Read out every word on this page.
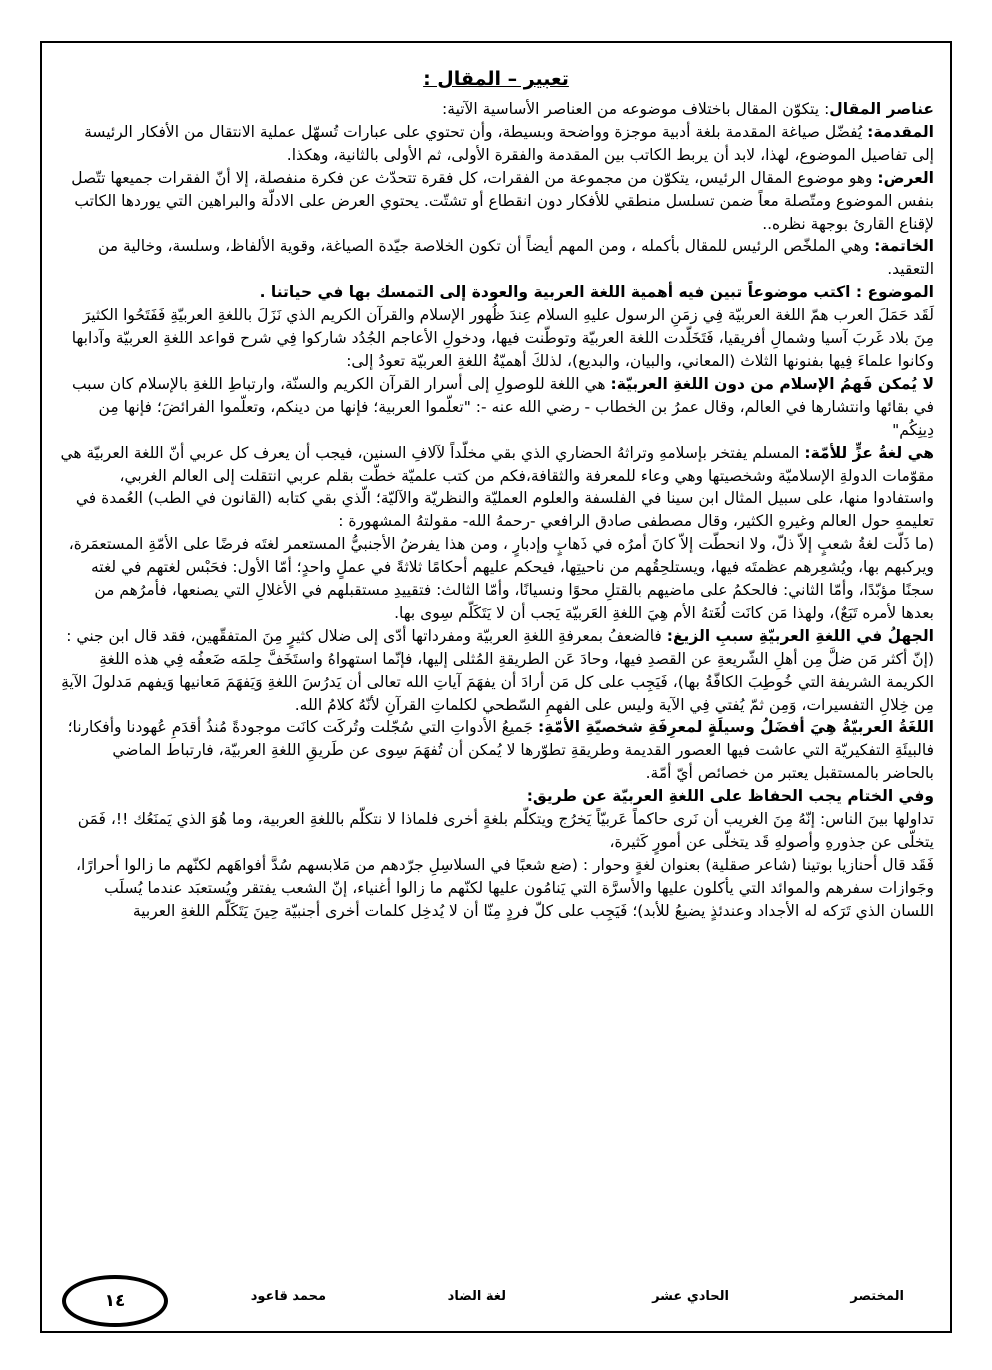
تعبير – المقال :

عناصر المقال: يتكوّن المقال باختلاف موضوعه من العناصر الأساسية الآتية:

المقدمة: يُفضّل صياغة المقدمة بلغة أدبية موجزة وواضحة وبسيطة، وأن تحتوي على عبارات تُسهّل عملية الانتقال من الأفكار الرئيسة إلى تفاصيل الموضوع، لهذا، لابد أن يربط الكاتب بين المقدمة والفقرة الأولى، ثم الأولى بالثانية، وهكذا.

العرض: وهو موضوع المقال الرئيس، يتكوّن من مجموعة من الفقرات، كل فقرة تتحدّث عن فكرة منفصلة، إلا أنّ الفقرات جميعها تتّصل بنفس الموضوع ومتّصلة معاً ضمن تسلسل منطقي للأفكار دون انقطاع أو تشتّت. يحتوي العرض على الادلّة والبراهين التي يوردها الكاتب لإقناع القارئ بوجهة نظره..

الخاتمة: وهي الملخّص الرئيس للمقال بأكمله ، ومن المهم أيضاً أن تكون الخلاصة جيّدة الصياغة، وقوية الألفاظ، وسلسة، وخالية من التعقيد.

الموضوع : اكتب موضوعاً تبين فيه أهمية اللغة العربية والعودة إلى التمسك بها في حياتنا .

لَقَد حَمَلَ العرب همّ اللغة العربيّة فِي زمَنِ الرسول عليهِ السلام عِندَ ظُهور الإسلام والقرآن الكريم الذي نَزَلَ باللغةِ العربيّةِ فَفَتَحُوا الكثيرَ مِنَ بلاد غَربَ آسيا وشمالِ أفريقيا، فَتَخَلّدت اللغة العربيّة وتوطّنت فيها، ودخولِ الأعاجم الجُدُد شاركوا فِي شرح قواعد اللغةِ العربيّة وآدابها وكانوا علماءَ فِيها بفنونها الثلاث (المعاني، والبيان، والبديع)، لذلكَ أهميّةُ اللغةِ العربيّة تعودُ إلى:

لا يُمكن فَهمُ الإسلام من دون اللغةِ العربيّة: هي اللغة للوصولِ إلى أسرار القرآن الكريم والسنّة، وارتباطِ اللغةِ بالإسلام كان سبب في بقائها وانتشارها في العالم، وقال عمرُ بن الخطاب - رضي الله عنه -: "تعلّموا العربية؛ فإنها من دينكم، وتعلّموا الفرائضَ؛ فإنها مِن دِينِكُم"

هي لغةُ عزٍّ للأمّة: المسلم يفتخر بإسلامهِ وتراثهُ الحضاري الذي بقي مخلّداً لآلافِ السنين، فيجب أن يعرف كل عربي أنّ اللغة العربيّة هي مقوّمات الدولةِ الإسلاميّة وشخصيتها وهي وعاء للمعرفة والثقافة،فكم من كتب علميّة خطّت بقلم عربي انتقلت إلى العالم الغربي، واستفادوا منها، على سبيل المثال ابن سينا في الفلسفة والعلوم العمليّة والنظريّة والآليّة؛ الّذي بقي كتابه (القانون في الطب) العُمدة في تعليمهِ حول العالم وغيرهِ الكثير، وقال مصطفى صادق الرافعي -رحمهُ الله- مقولتهُ المشهورة :

(ما ذَلّت لغةُ شعبٍ إلاّ ذلّ، ولا انحطّت إلاّ كانَ أمرُه في ذَهابٍ وإدبارٍ ، ومن هذا يفرضُ الأجنبيُّ المستعمر لغتَه فرضًا على الأمّةِ المستعمَرة، ويركبهم بها، ويُشعِرهم عظمتَه فيها، ويستلحِقُهم من ناحيتِها، فيحكم عليهم أحكامًا ثلاثةً في عملٍ واحدٍ؛ أمّا الأول: فحَبْس لغتهم في لغته سجنًا مؤبّدًا، وأمّا الثاني: فالحكمُ على ماضيهم بالقتلِ محوًا ونسيانًا، وأمّا الثالث: فتقييدِ مستقبلهم في الأغلالِ التي يصنعها، فأمرُهم من بعدها لأمره تَبَعٌ)، ولهذا مَن كانَت لُغَتهُ الأم هِيَ اللغةِ العَربيّة يَجب أن لا يَتَكَلّم سِوى بها.

الجهلُ في اللغةِ العربيّةِ سببِ الزيغ: فالضعفُ بمعرفةِ اللغةِ العربيّة ومفرداتها أدّى إلى ضلال كثيرٍ مِنَ المتفقّهين، فقد قال ابن جني : (إنّ أكثر مَن ضلَّ مِن أهلِ الشّريعةِ عن القصدِ فيها، وحادَ عَن الطريقةِ المُثلى إليها، فإنّما استهواهُ واستَخَفَّ حِلمَه ضَعفُه فِي هذه اللغةِ الكريمة الشريفة التي خُوطِبَ الكافّةُ بها)، فَيَجِب على كل مَن أرادَ أن يفهَمَ آياتِ الله تعالى أن يَدرُسَ اللغةِ وَيَفهَمَ مَعانيها وَيفهم مَدلولَ الآيةِ مِن خِلالِ التفسيرات، وَمِن ثمّ يُفتي فِي الآية وليس على الفهمِ السّطحي لكلماتِ القرآنِ لأنّهُ كلامُ الله.

اللغَةُ العربيّةُ هِيَ أفضَلُ وسيلَةٍ لمعرِفَةِ شخصيّةِ الأمّةِ: جَميعُ الأدواتِ التي سُجّلت وتُركَت كانَت موجودةً مُنذُ أقدَمِ عُهودنا وأفكارنا؛ فالبيئَةِ التفكيريّة التي عاشت فيها العصور القديمة وطريقةِ تطوّرها لا يُمكن أن تُفهَمَ سِوى عن طَريقِ اللغةِ العربيّة، فارتباط الماضي بالحاضر بالمستقبل يعتبر من خصائص أيّ أمّة.

وفي الختام يجب الحفاظ على اللغةِ العربيّة عن طريق:

تداولها بينَ الناس: إنّهُ مِنَ الغريب أن نَرى حاكماً عَربيّاً يَخرُج ويتكلّم بلغةٍ أخرى فلماذا لا نتكلّم باللغةِ العربية، وما هُوَ الذي يَمنَعُك !!، فَمَن يتخلّى عن جذورهِ وأصولهِ قَد يتخلّى عن أمورٍ كَثيرة،

فَقَد قال أحنازيا بوتينا (شاعر صقلية) بعنوان لغةٍ وحوار : (ضع شعبًا في السلاسِلِ جرّدهم من مَلابسهم سُدَّ أفواهَهم لكنّهم ما زالوا أحرارًا، وجَوازات سفرهم والموائد التي يأكلون عليها والأسرَّة التي يَنامُون عليها لكنّهم ما زالوا أغنياء، إنّ الشعب يفتقر ويُستعبَد عندما يُسلَب اللسان الذي تَرَكه له الأجداد وعندئذٍ يضيعُ للأبد)؛ فَيَجِب على كلّ فردٍ مِنّا أن لا يُدخِل كلمات أخرى أجنبيّة حِينَ يَتَكَلّم اللغةِ العربية

المختصر
الحادي عشر
لغة الضاد
محمد قاعود
١٤
